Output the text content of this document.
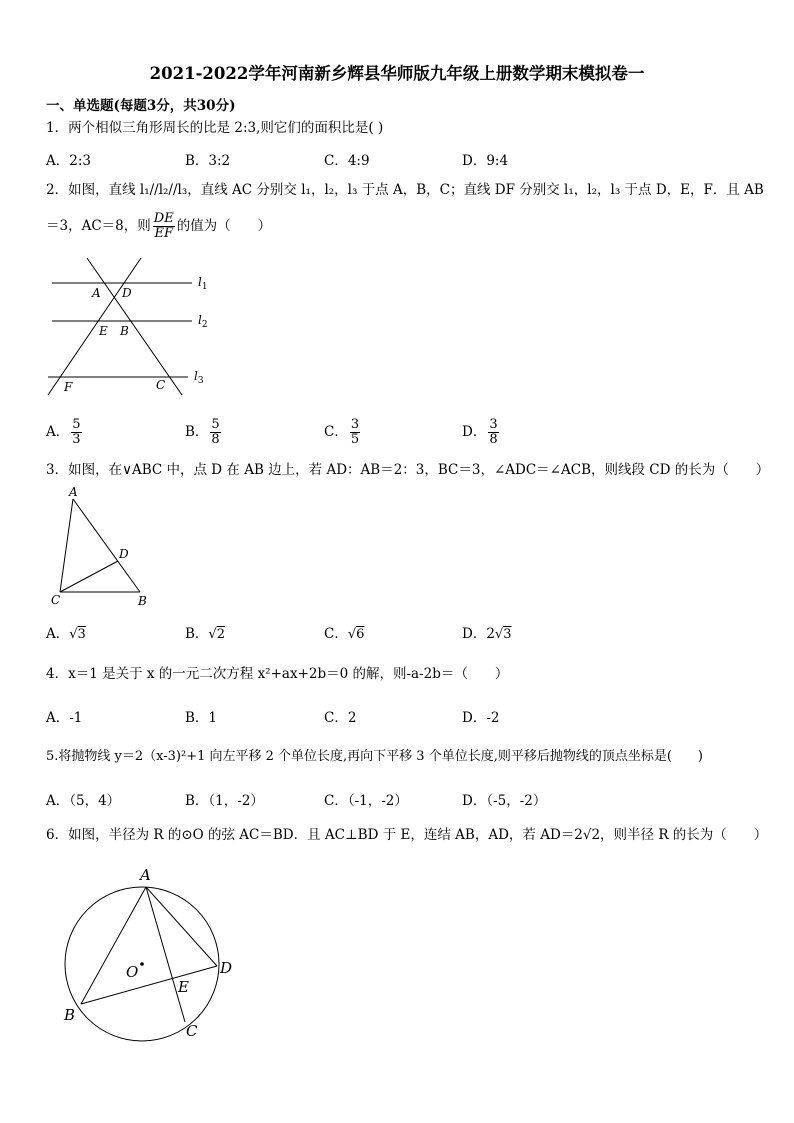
2021-2022学年河南新乡辉县华师版九年级上册数学期末模拟卷一
一、单选题(每题3分，共30分)
1．两个相似三角形周长的比是 2:3,则它们的面积比是( )
A．2:3	B．3:2	C．4:9	D．9:4
2．如图，直线 l₁//l₂//l₃，直线 AC 分别交 l₁，l₂，l₃ 于点 A，B，C；直线 DF 分别交 l₁，l₂，l₃ 于点 D，E，F．且 AB
＝3，AC＝8，则 $\frac{DE}{EF}$ 的值为（　　）
A D
E B
F	C
$l_1$
$l_2$
$l_3$
A． $\frac{5}{3}$	B． $\frac{5}{8}$	C． $\frac{3}{5}$	D． $\frac{3}{8}$
3．如图，在∨ABC 中，点 D 在 AB 边上，若 AD：AB＝2：3，BC＝3，∠ADC＝∠ACB，则线段 CD 的长为（　　）
A
D
C	B
A．√3	B．√2	C．√6	D．2√3
4．x＝1 是关于 x 的一元二次方程 x²+ax+2b＝0 的解，则-a-2b＝（　　）
A．-1	B．1	C．2	D．-2
5.将抛物线 y＝2（x-3)²+1 向左平移 2 个单位长度,再向下平移 3 个单位长度,则平移后抛物线的顶点坐标是(　　)
A．（5，4）	B．（1，-2）	C．（-1，-2）	D．（-5，-2）
6．如图，半径为 R 的⊙O 的弦 AC＝BD．且 AC⊥BD 于 E，连结 AB，AD，若 AD＝2√2，则半径 R 的长为（　　）
A
O	D
E
B
C
